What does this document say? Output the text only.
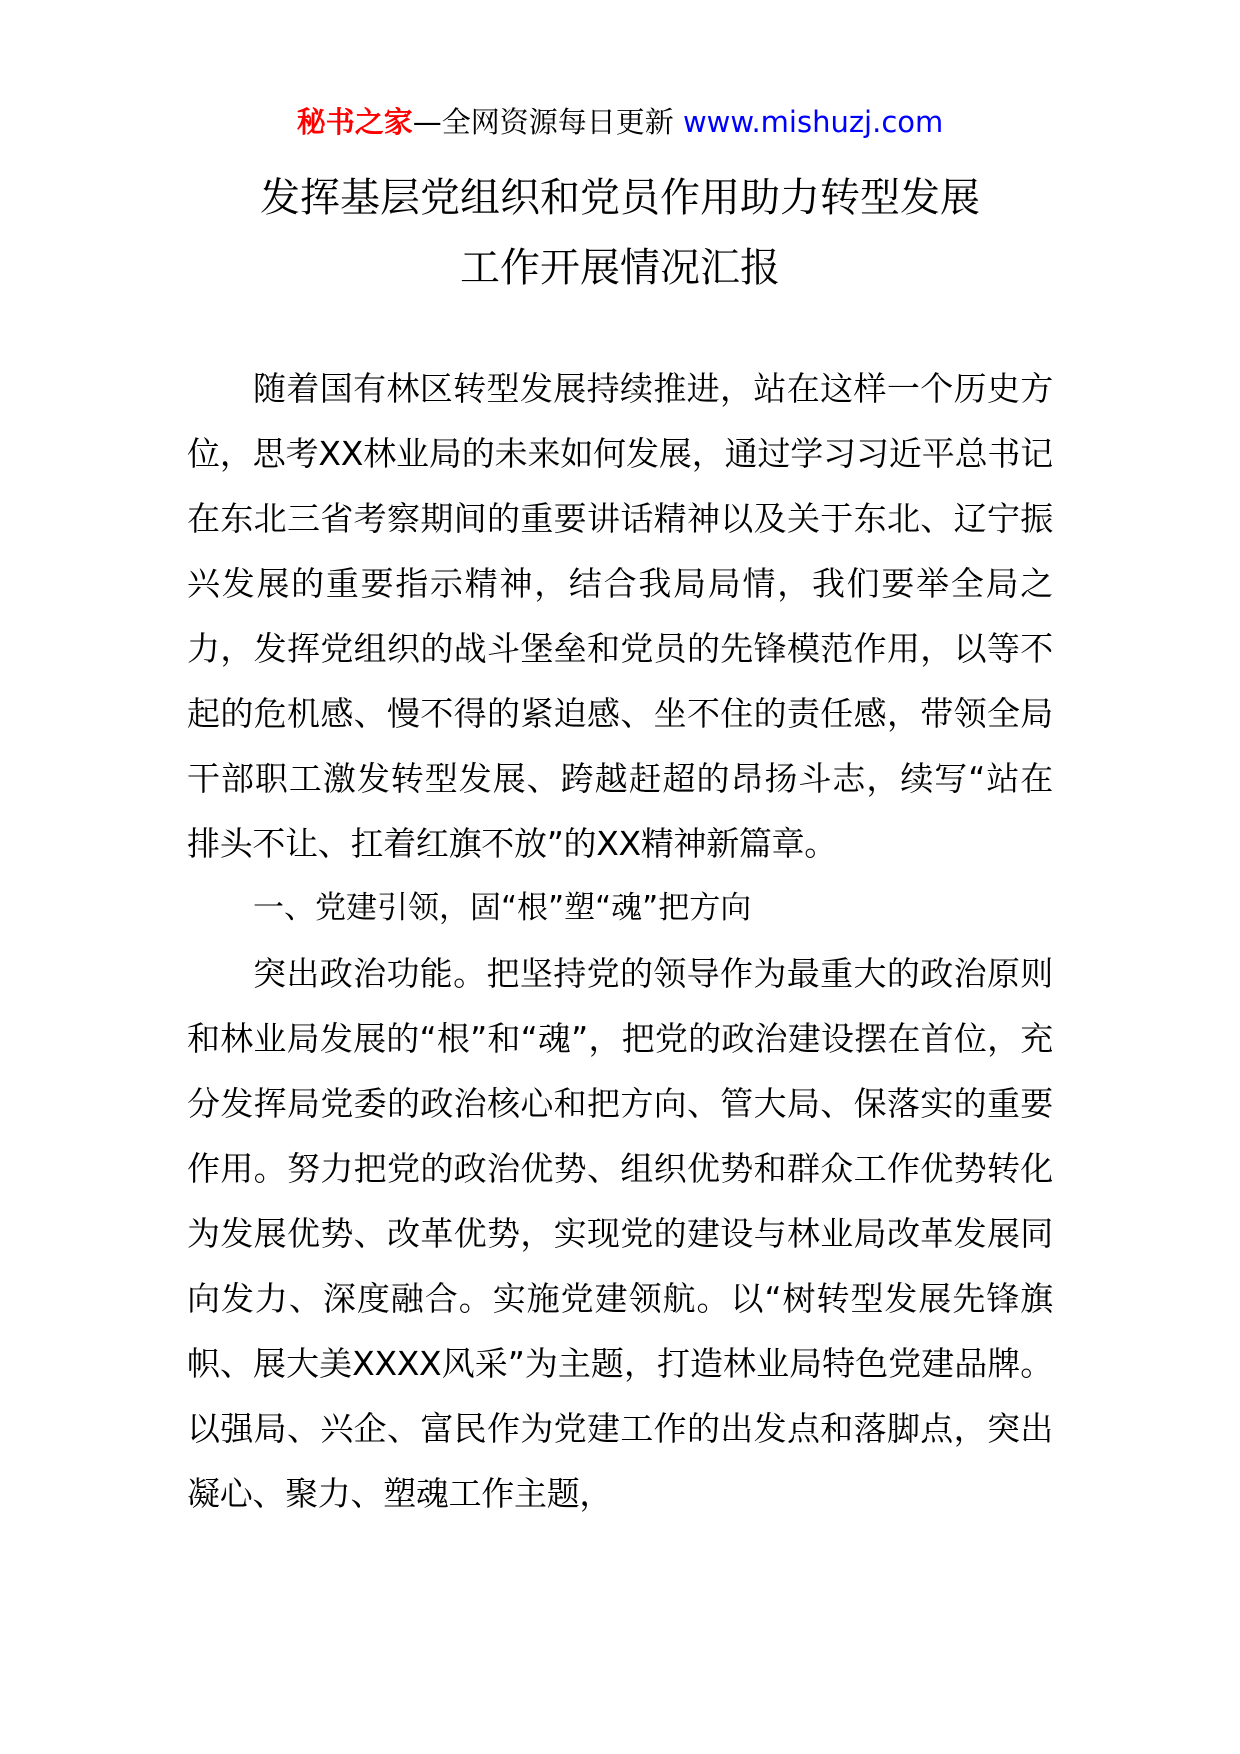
秘书之家—全网资源每日更新 www.mishuzj.com
发挥基层党组织和党员作用助力转型发展
工作开展情况汇报

随着国有林区转型发展持续推进，站在这样一个历史方位，思考XX林业局的未来如何发展，通过学习习近平总书记在东北三省考察期间的重要讲话精神以及关于东北、辽宁振兴发展的重要指示精神，结合我局局情，我们要举全局之力，发挥党组织的战斗堡垒和党员的先锋模范作用，以等不起的危机感、慢不得的紧迫感、坐不住的责任感，带领全局干部职工激发转型发展、跨越赶超的昂扬斗志，续写“站在排头不让、扛着红旗不放”的XX精神新篇章。

一、党建引领，固“根”塑“魂”把方向

突出政治功能。把坚持党的领导作为最重大的政治原则和林业局发展的“根”和“魂”，把党的政治建设摆在首位，充分发挥局党委的政治核心和把方向、管大局、保落实的重要作用。努力把党的政治优势、组织优势和群众工作优势转化为发展优势、改革优势，实现党的建设与林业局改革发展同向发力、深度融合。实施党建领航。以“树转型发展先锋旗帜、展大美XXXX风采”为主题，打造林业局特色党建品牌。以强局、兴企、富民作为党建工作的出发点和落脚点，突出凝心、聚力、塑魂工作主题，
